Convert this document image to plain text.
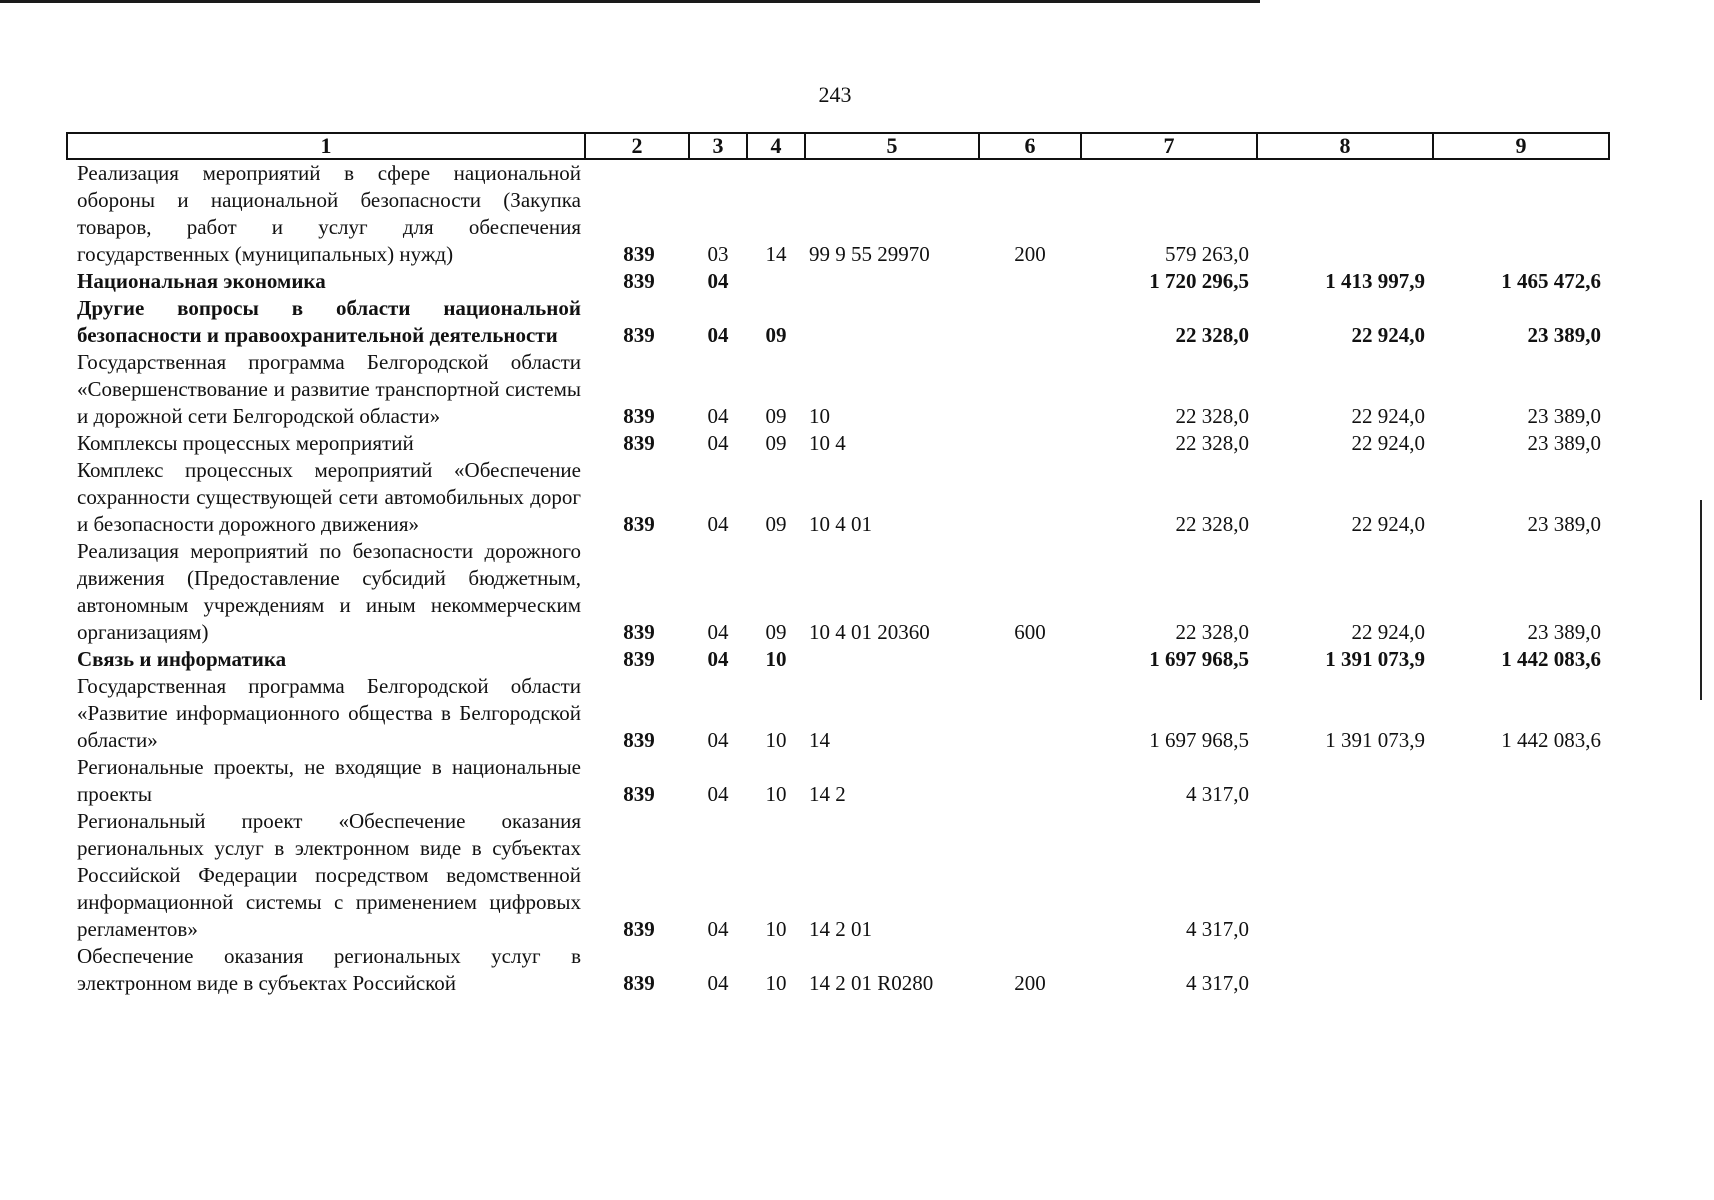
243
1	2	3	4	5	6	7	8	9
Реализация мероприятий в сфере национальной обороны и национальной безопасности (Закупка товаров, работ и услуг для обеспечения государственных (муниципальных) нужд)	839	03	14	99 9 55 29970	200	579 263,0		
Национальная экономика	839	04				1 720 296,5	1 413 997,9	1 465 472,6
Другие вопросы в области национальной безопасности и правоохранительной деятельности	839	04	09			22 328,0	22 924,0	23 389,0
Государственная программа Белгородской области «Совершенствование и развитие транспортной системы и дорожной сети Белгородской области»	839	04	09	10		22 328,0	22 924,0	23 389,0
Комплексы процессных мероприятий	839	04	09	10 4		22 328,0	22 924,0	23 389,0
Комплекс процессных мероприятий «Обеспечение сохранности существующей сети автомобильных дорог и безопасности дорожного движения»	839	04	09	10 4 01		22 328,0	22 924,0	23 389,0
Реализация мероприятий по безопасности дорожного движения (Предоставление субсидий бюджетным, автономным учреждениям и иным некоммерческим организациям)	839	04	09	10 4 01 20360	600	22 328,0	22 924,0	23 389,0
Связь и информатика	839	04	10			1 697 968,5	1 391 073,9	1 442 083,6
Государственная программа Белгородской области «Развитие информационного общества в Белгородской области»	839	04	10	14		1 697 968,5	1 391 073,9	1 442 083,6
Региональные проекты, не входящие в национальные проекты	839	04	10	14 2		4 317,0		
Региональный проект «Обеспечение оказания региональных услуг в электронном виде в субъектах Российской Федерации посредством ведомственной информационной системы с применением цифровых регламентов»	839	04	10	14 2 01		4 317,0		
Обеспечение оказания региональных услуг в электронном виде в субъектах Российской	839	04	10	14 2 01 R0280	200	4 317,0		
